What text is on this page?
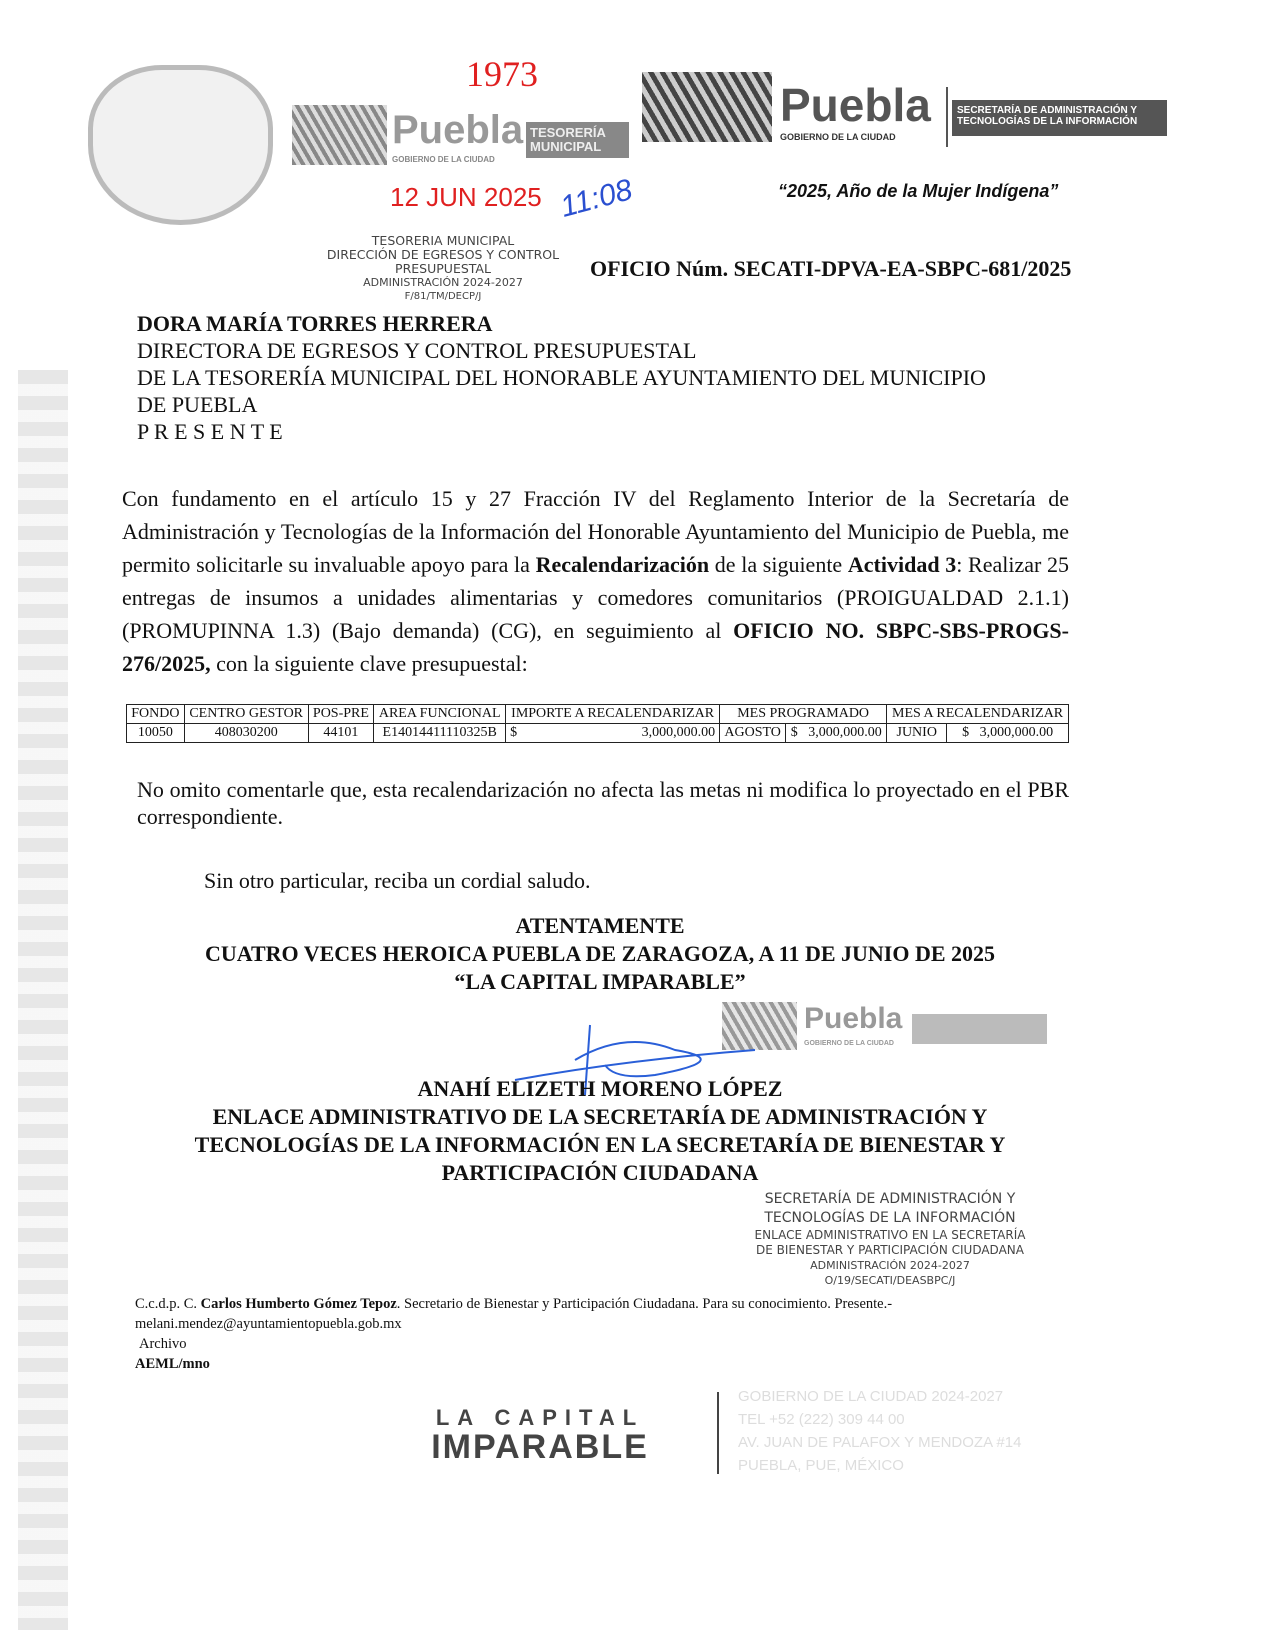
Puebla
GOBIERNO DE LA CIUDAD
TESORERÍA MUNICIPAL
1973
12 JUN 2025 11:08
Puebla
GOBIERNO DE LA CIUDAD
SECRETARÍA DE ADMINISTRACIÓN Y TECNOLOGÍAS DE LA INFORMACIÓN
“2025, Año de la Mujer Indígena”
TESORERIA MUNICIPAL
DIRECCIÓN DE EGRESOS Y CONTROL
PRESUPUESTAL
ADMINISTRACIÓN 2024-2027
F/81/TM/DECP/J
OFICIO Núm. SECATI-DPVA-EA-SBPC-681/2025
DORA MARÍA TORRES HERRERA
DIRECTORA DE EGRESOS Y CONTROL PRESUPUESTAL
DE LA TESORERÍA MUNICIPAL DEL HONORABLE AYUNTAMIENTO DEL MUNICIPIO
DE PUEBLA
P R E S E N T E
Con fundamento en el artículo 15 y 27 Fracción IV del Reglamento Interior de la Secretaría de Administración y Tecnologías de la Información del Honorable Ayuntamiento del Municipio de Puebla, me permito solicitarle su invaluable apoyo para la Recalendarización de la siguiente Actividad 3: Realizar 25 entregas de insumos a unidades alimentarias y comedores comunitarios (PROIGUALDAD 2.1.1) (PROMUPINNA 1.3) (Bajo demanda) (CG), en seguimiento al OFICIO NO. SBPC-SBS-PROGS-276/2025, con la siguiente clave presupuestal:
FONDO	CENTRO GESTOR	POS-PRE	AREA FUNCIONAL	IMPORTE A RECALENDARIZAR		MES PROGRAMADO		MES A RECALENDARIZAR	
10050	408030200	44101	E14014411110325B	$	3,000,000.00	AGOSTO	$   3,000,000.00	JUNIO	$   3,000,000.00
No omito comentarle que, esta recalendarización no afecta las metas ni modifica lo proyectado en el PBR correspondiente.
Sin otro particular, reciba un cordial saludo.
ATENTAMENTE
CUATRO VECES HEROICA PUEBLA DE ZARAGOZA, A 11 DE JUNIO DE 2025
“LA CAPITAL IMPARABLE”
Puebla
GOBIERNO DE LA CIUDAD
ANAHÍ ELIZETH MORENO LÓPEZ
ENLACE ADMINISTRATIVO DE LA SECRETARÍA DE ADMINISTRACIÓN Y
TECNOLOGÍAS DE LA INFORMACIÓN EN LA SECRETARÍA DE BIENESTAR Y
PARTICIPACIÓN CIUDADANA
SECRETARÍA DE ADMINISTRACIÓN Y
TECNOLOGÍAS DE LA INFORMACIÓN
ENLACE ADMINISTRATIVO EN LA SECRETARÍA
DE BIENESTAR Y PARTICIPACIÓN CIUDADANA
ADMINISTRACIÓN 2024-2027
O/19/SECATI/DEASBPC/J
C.c.d.p. C. Carlos Humberto Gómez Tepoz. Secretario de Bienestar y Participación Ciudadana. Para su conocimiento. Presente.-
melani.mendez@ayuntamientopuebla.gob.mx
Archivo
AEML/mno
LA CAPITAL
IMPARABLE
GOBIERNO DE LA CIUDAD 2024-2027
TEL +52 (222) 309 44 00
AV. JUAN DE PALAFOX Y MENDOZA #14
PUEBLA, PUE, MÉXICO
